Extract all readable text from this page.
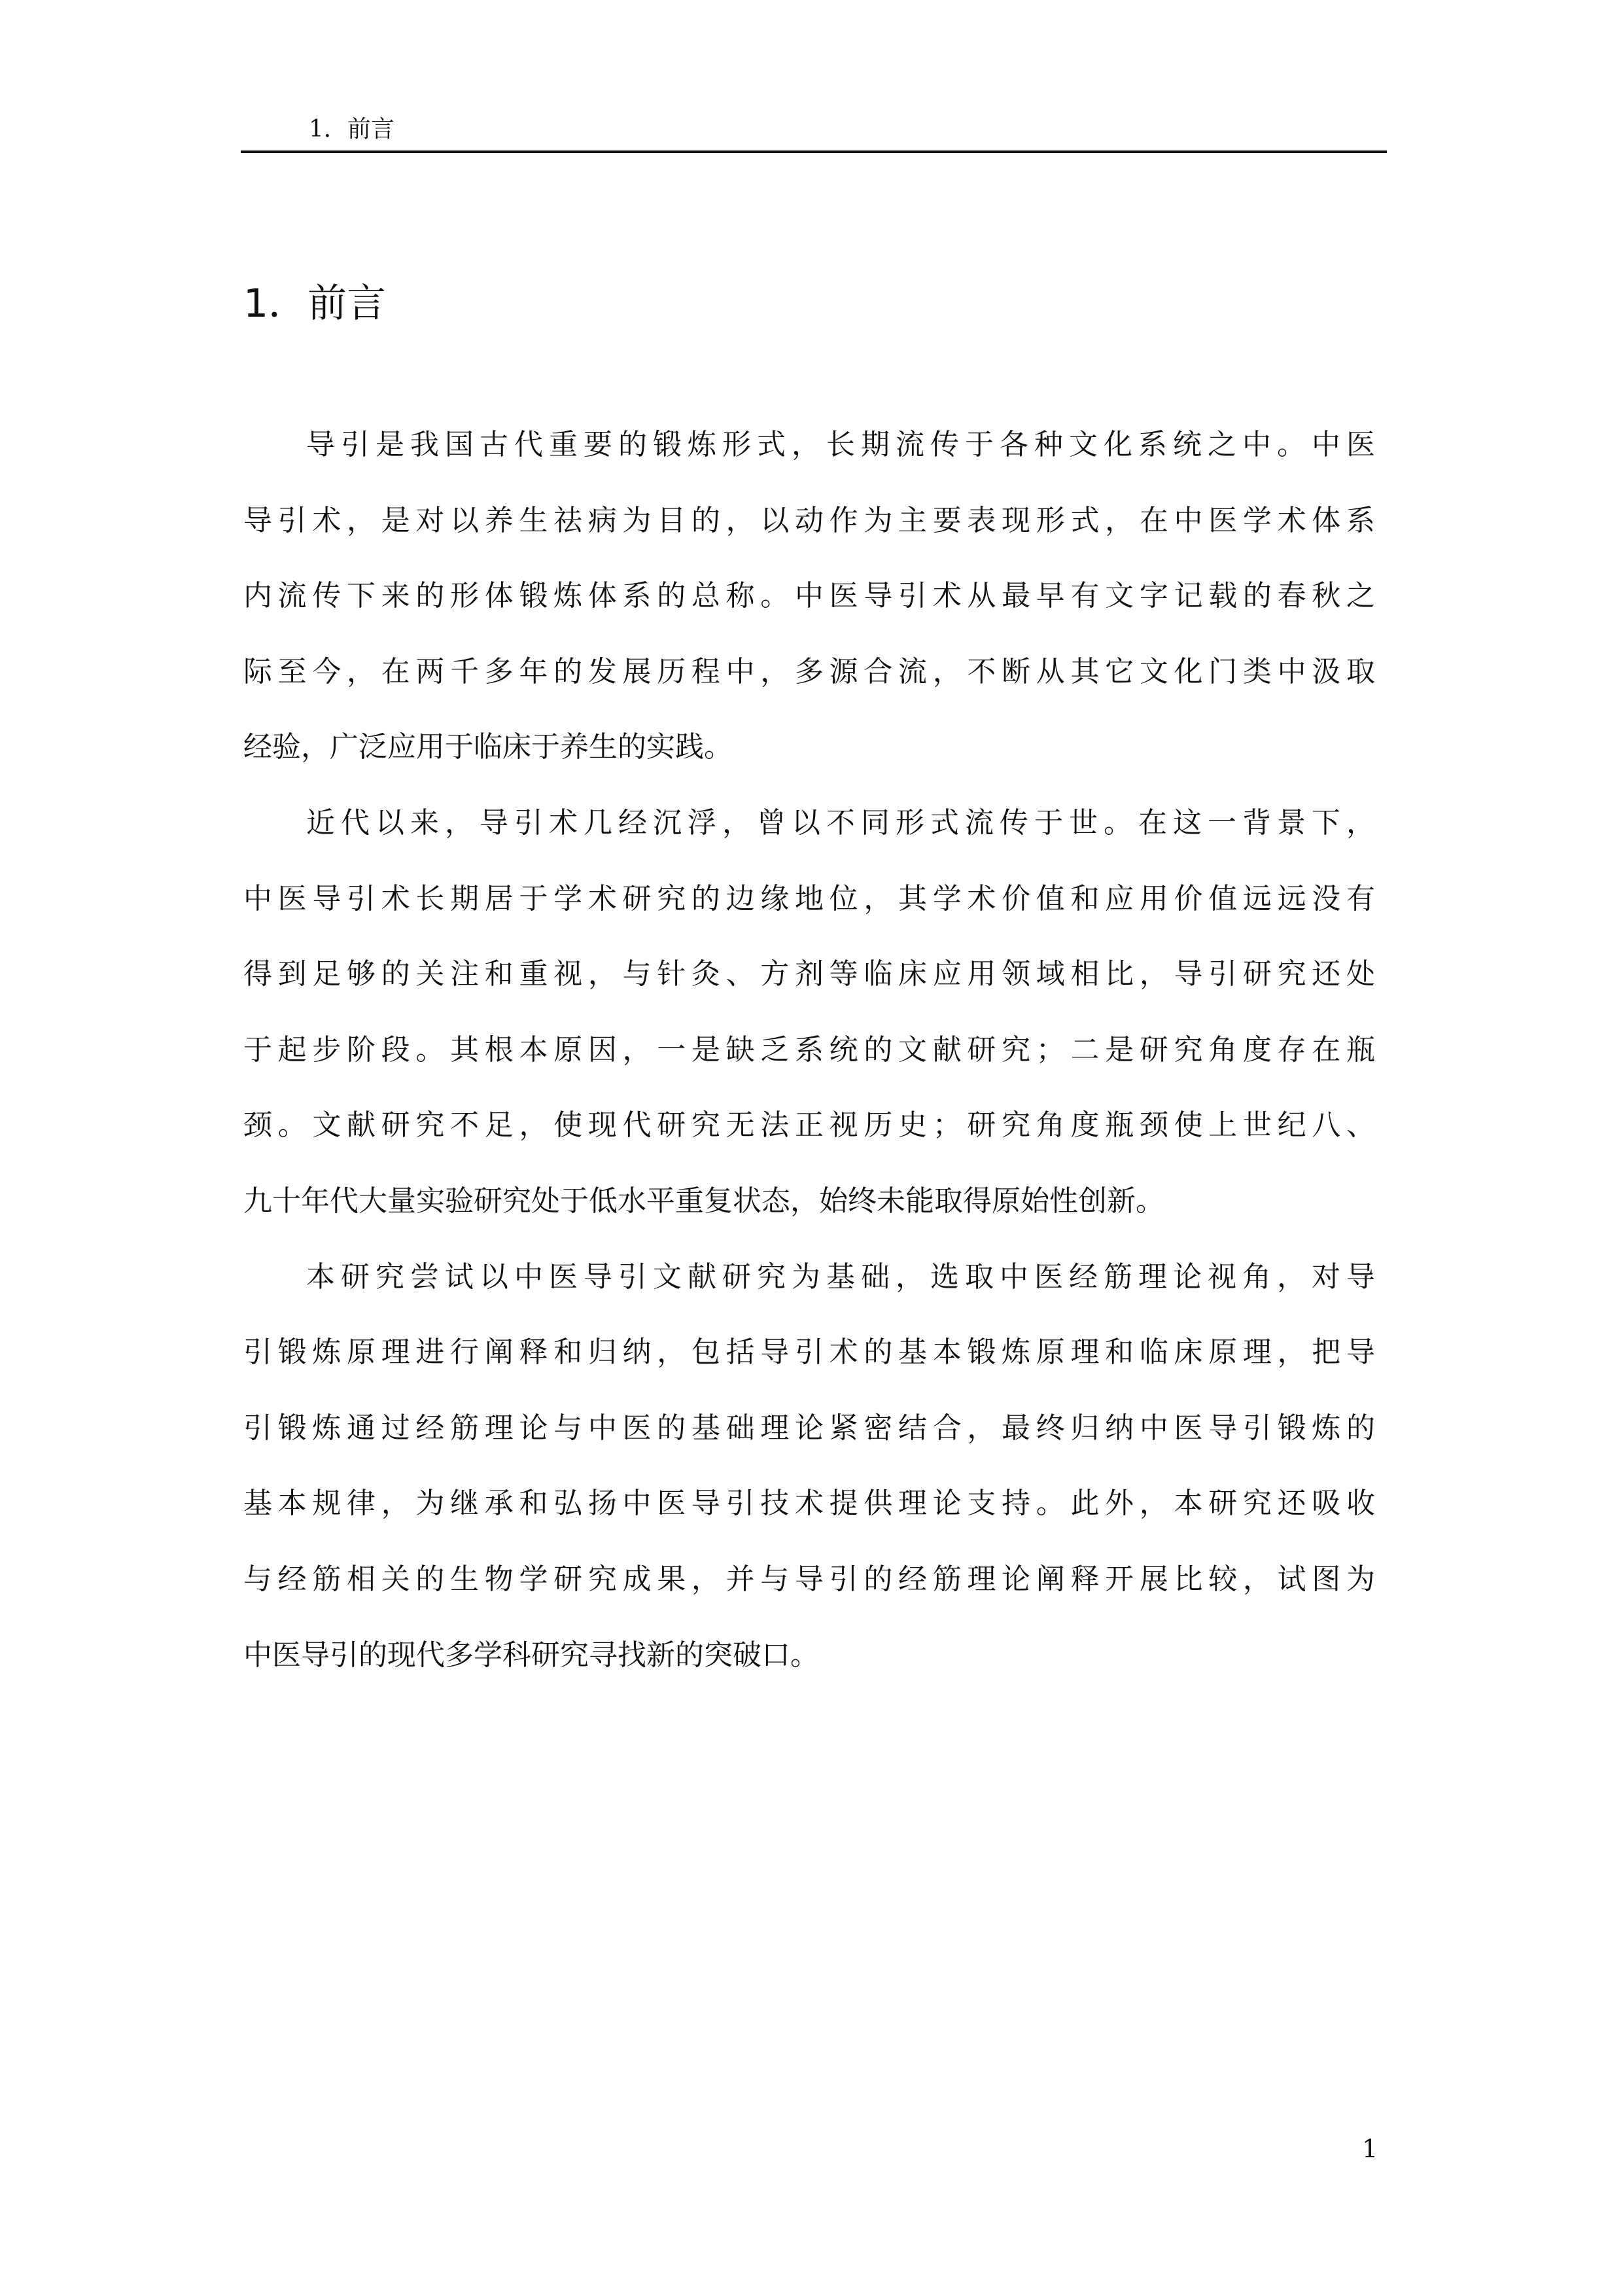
1．前言
1．前言
导引是我国古代重要的锻炼形式，长期流传于各种文化系统之中。中医
导引术，是对以养生祛病为目的，以动作为主要表现形式，在中医学术体系
内流传下来的形体锻炼体系的总称。中医导引术从最早有文字记载的春秋之
际至今，在两千多年的发展历程中，多源合流，不断从其它文化门类中汲取
经验，广泛应用于临床于养生的实践。
近代以来，导引术几经沉浮，曾以不同形式流传于世。在这一背景下，
中医导引术长期居于学术研究的边缘地位，其学术价值和应用价值远远没有
得到足够的关注和重视，与针灸、方剂等临床应用领域相比，导引研究还处
于起步阶段。其根本原因，一是缺乏系统的文献研究；二是研究角度存在瓶
颈。文献研究不足，使现代研究无法正视历史；研究角度瓶颈使上世纪八、
九十年代大量实验研究处于低水平重复状态，始终未能取得原始性创新。
本研究尝试以中医导引文献研究为基础，选取中医经筋理论视角，对导
引锻炼原理进行阐释和归纳，包括导引术的基本锻炼原理和临床原理，把导
引锻炼通过经筋理论与中医的基础理论紧密结合，最终归纳中医导引锻炼的
基本规律，为继承和弘扬中医导引技术提供理论支持。此外，本研究还吸收
与经筋相关的生物学研究成果，并与导引的经筋理论阐释开展比较，试图为
中医导引的现代多学科研究寻找新的突破口。
1
